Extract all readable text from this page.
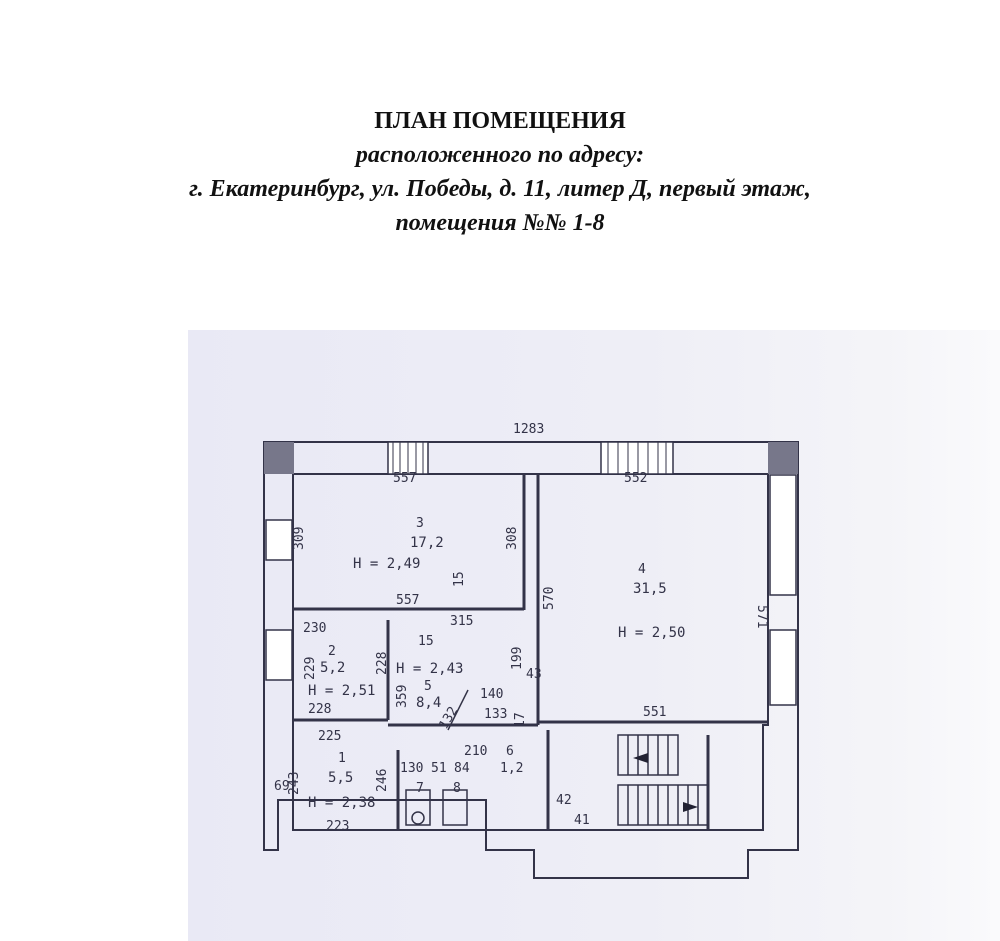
ПЛАН ПОМЕЩЕНИЯ
расположенного по адресу:
г. Екатеринбург, ул. Победы, д. 11, литер Д, первый этаж,
помещения №№ 1-8
1283
557
3
17,2
H = 2,49
309	308
557
15
552
4
31,5
H = 2,50
570
571
551
230
2
5,2
H = 2,51
229	228
228
315
15
H = 2,43
5
8,4
359
199
43
140
133 17
132
225
1
5,5
H = 2,38
243	246
223
69
210 6
84 1,2
130
7
51
8
42
41
